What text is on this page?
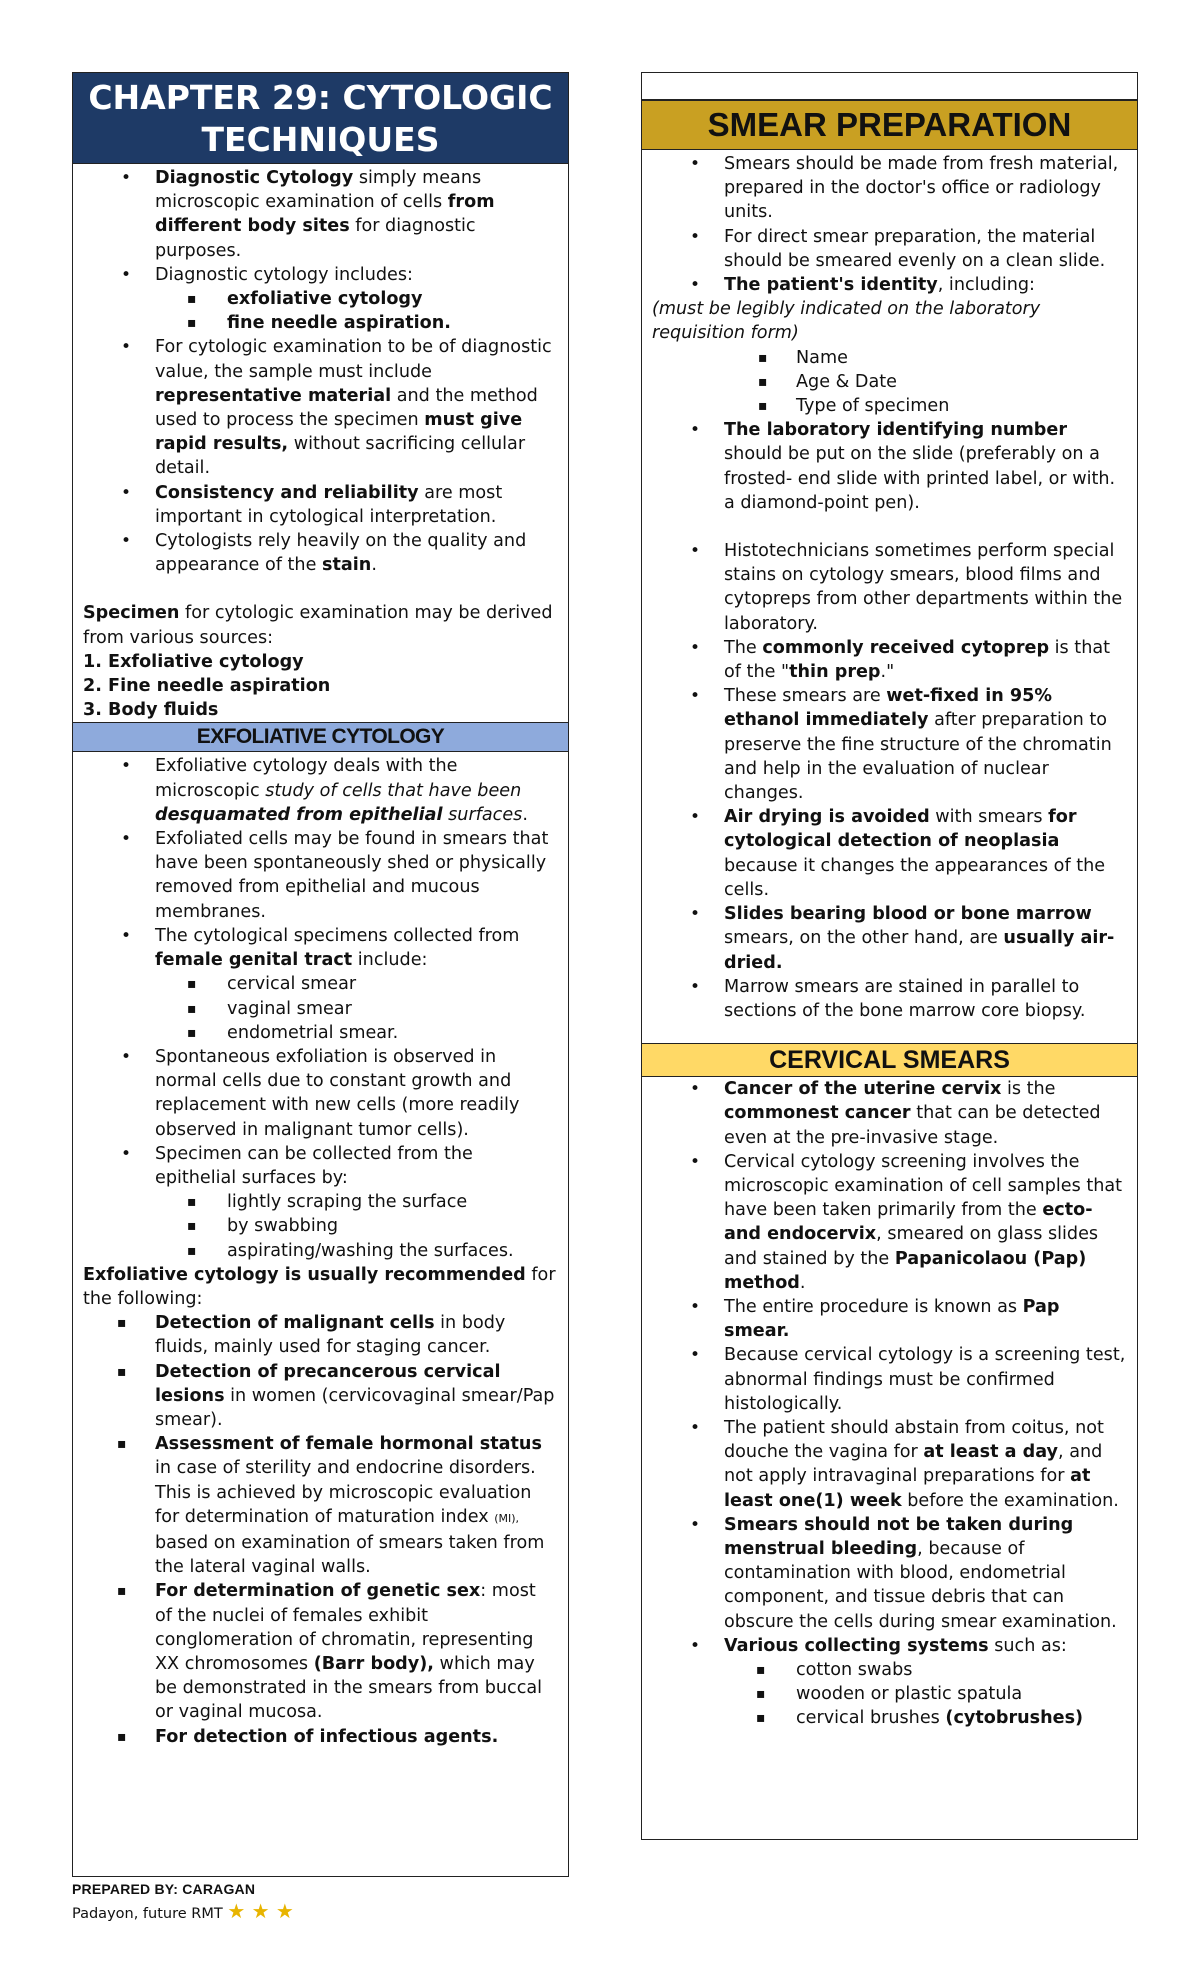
CHAPTER 29: CYTOLOGIC TECHNIQUES
• Diagnostic Cytology simply means microscopic examination of cells from different body sites for diagnostic purposes.
• Diagnostic cytology includes:
▪ exfoliative cytology
▪ fine needle aspiration.
• For cytologic examination to be of diagnostic value, the sample must include representative material and the method used to process the specimen must give rapid results, without sacrificing cellular detail.
• Consistency and reliability are most important in cytological interpretation.
• Cytologists rely heavily on the quality and appearance of the stain.

Specimen for cytologic examination may be derived from various sources:

1. Exfoliative cytology

2. Fine needle aspiration

3. Body fluids

EXFOLIATIVE CYTOLOGY
• Exfoliative cytology deals with the microscopic study of cells that have been desquamated from epithelial surfaces.
• Exfoliated cells may be found in smears that have been spontaneously shed or physically removed from epithelial and mucous membranes.
• The cytological specimens collected from female genital tract include:
▪ cervical smear
▪ vaginal smear
▪ endometrial smear.
• Spontaneous exfoliation is observed in normal cells due to constant growth and replacement with new cells (more readily observed in malignant tumor cells).
• Specimen can be collected from the epithelial surfaces by:
▪ lightly scraping the surface
▪ by swabbing
▪ aspirating/washing the surfaces.

Exfoliative cytology is usually recommended for the following:

▪ Detection of malignant cells in body fluids, mainly used for staging cancer.
▪ Detection of precancerous cervical lesions in women (cervicovaginal smear/Pap smear).
▪ Assessment of female hormonal status in case of sterility and endocrine disorders. This is achieved by microscopic evaluation for determination of maturation index (MI), based on examination of smears taken from the lateral vaginal walls.
▪ For determination of genetic sex: most of the nuclei of females exhibit conglomeration of chromatin, representing XX chromosomes (Barr body), which may be demonstrated in the smears from buccal or vaginal mucosa.
▪ For detection of infectious agents.
SMEAR PREPARATION
• Smears should be made from fresh material, prepared in the doctor's office or radiology units.
• For direct smear preparation, the material should be smeared evenly on a clean slide.
• The patient's identity, including:

(must be legibly indicated on the laboratory requisition form)

▪ Name
▪ Age & Date
▪ Type of specimen
• The laboratory identifying number should be put on the slide (preferably on a frosted- end slide with printed label, or with. a diamond-point pen).
• Histotechnicians sometimes perform special stains on cytology smears, blood films and cytopreps from other departments within the laboratory.
• The commonly received cytoprep is that of the "thin prep."
• These smears are wet-fixed in 95% ethanol immediately after preparation to preserve the fine structure of the chromatin and help in the evaluation of nuclear changes.
• Air drying is avoided with smears for cytological detection of neoplasia because it changes the appearances of the cells.
• Slides bearing blood or bone marrow smears, on the other hand, are usually air-dried.
• Marrow smears are stained in parallel to sections of the bone marrow core biopsy.
CERVICAL SMEARS
• Cancer of the uterine cervix is the commonest cancer that can be detected even at the pre-invasive stage.
• Cervical cytology screening involves the microscopic examination of cell samples that have been taken primarily from the ecto- and endocervix, smeared on glass slides and stained by the Papanicolaou (Pap) method.
• The entire procedure is known as Pap smear.
• Because cervical cytology is a screening test, abnormal findings must be confirmed histologically.
• The patient should abstain from coitus, not douche the vagina for at least a day, and not apply intravaginal preparations for at least one(1) week before the examination.
• Smears should not be taken during menstrual bleeding, because of contamination with blood, endometrial component, and tissue debris that can obscure the cells during smear examination.
• Various collecting systems such as:
▪ cotton swabs
▪ wooden or plastic spatula
▪ cervical brushes (cytobrushes)
PREPARED BY: CARAGAN
Padayon, future RMT ★ ★ ★
